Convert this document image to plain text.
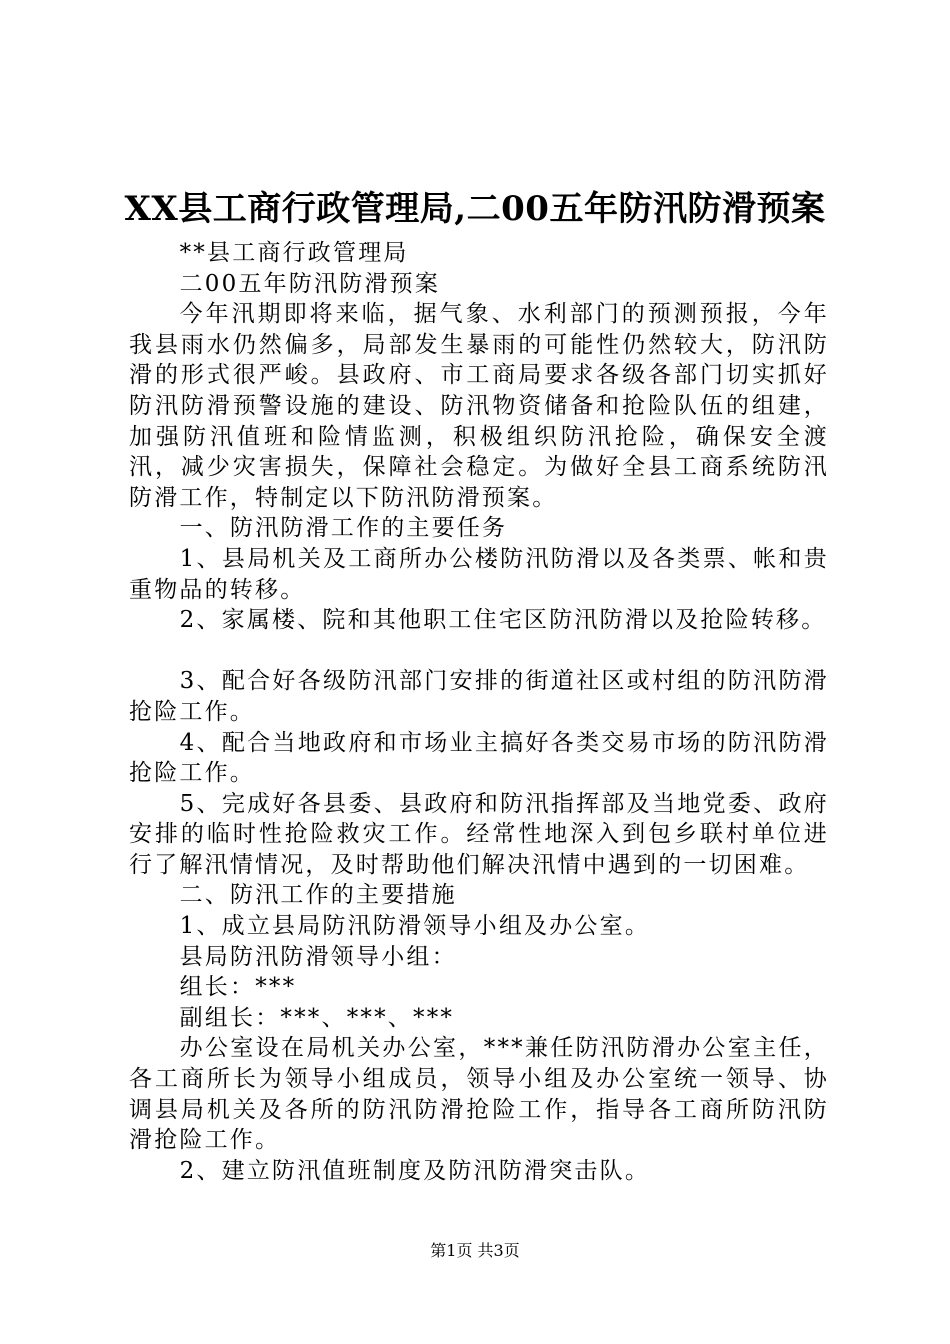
XX县工商行政管理局,二00五年防汛防滑预案

**县工商行政管理局

二00五年防汛防滑预案

今年汛期即将来临，据气象、水利部门的预测预报，今年我县雨水仍然偏多，局部发生暴雨的可能性仍然较大，防汛防滑的形式很严峻。县政府、市工商局要求各级各部门切实抓好防汛防滑预警设施的建设、防汛物资储备和抢险队伍的组建，加强防汛值班和险情监测，积极组织防汛抢险，确保安全渡汛，减少灾害损失，保障社会稳定。为做好全县工商系统防汛防滑工作，特制定以下防汛防滑预案。

一、防汛防滑工作的主要任务

1、县局机关及工商所办公楼防汛防滑以及各类票、帐和贵重物品的转移。

2、家属楼、院和其他职工住宅区防汛防滑以及抢险转移。

3、配合好各级防汛部门安排的街道社区或村组的防汛防滑抢险工作。

4、配合当地政府和市场业主搞好各类交易市场的防汛防滑抢险工作。

5、完成好各县委、县政府和防汛指挥部及当地党委、政府安排的临时性抢险救灾工作。经常性地深入到包乡联村单位进行了解汛情情况，及时帮助他们解决汛情中遇到的一切困难。

二、防汛工作的主要措施

1、成立县局防汛防滑领导小组及办公室。

县局防汛防滑领导小组：

组长：***

副组长：***、***、***

办公室设在局机关办公室，***兼任防汛防滑办公室主任，各工商所长为领导小组成员，领导小组及办公室统一领导、协调县局机关及各所的防汛防滑抢险工作，指导各工商所防汛防滑抢险工作。

2、建立防汛值班制度及防汛防滑突击队。

第1页 共3页
